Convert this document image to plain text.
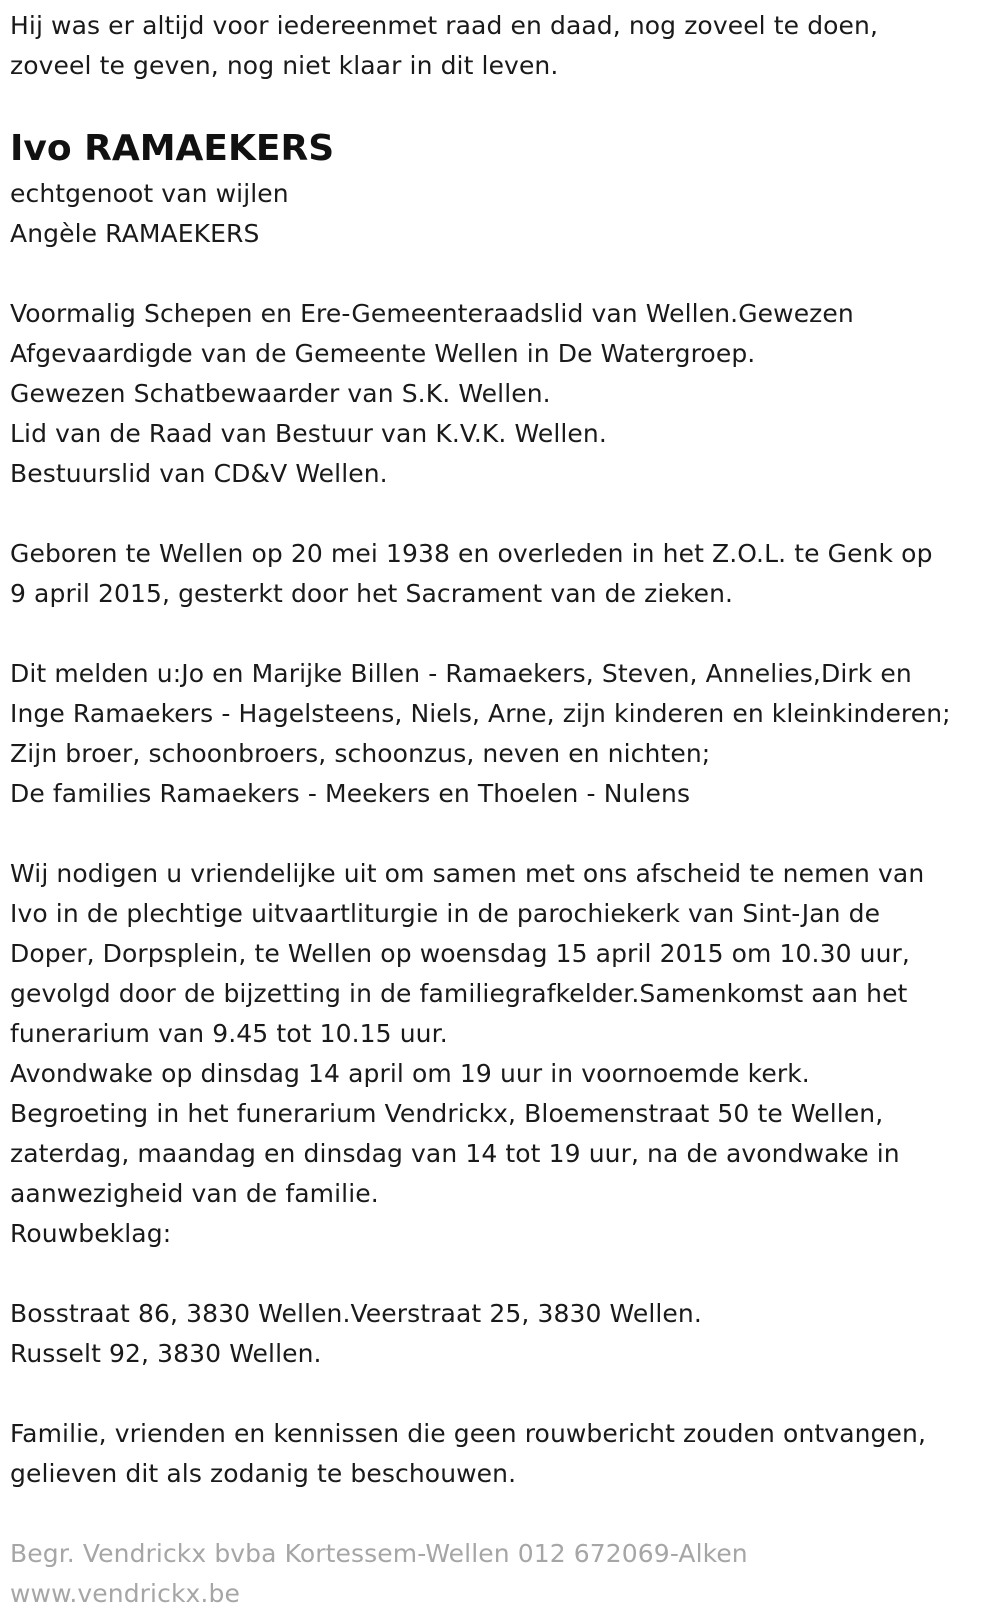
Hij was er altijd voor iedereenmet raad en daad, nog zoveel te doen,
zoveel te geven, nog niet klaar in dit leven.
Ivo RAMAEKERS
echtgenoot van wijlen
Angèle RAMAEKERS
Voormalig Schepen en Ere-Gemeenteraadslid van Wellen.Gewezen
Afgevaardigde van de Gemeente Wellen in De Watergroep.
Gewezen Schatbewaarder van S.K. Wellen.
Lid van de Raad van Bestuur van K.V.K. Wellen.
Bestuurslid van CD&V Wellen.
Geboren te Wellen op 20 mei 1938 en overleden in het Z.O.L. te Genk op
9 april 2015, gesterkt door het Sacrament van de zieken.
Dit melden u:Jo en Marijke Billen - Ramaekers, Steven, Annelies,Dirk en
Inge Ramaekers - Hagelsteens, Niels, Arne, zijn kinderen en kleinkinderen;
Zijn broer, schoonbroers, schoonzus, neven en nichten;
De families Ramaekers - Meekers en Thoelen - Nulens
Wij nodigen u vriendelijke uit om samen met ons afscheid te nemen van
Ivo in de plechtige uitvaartliturgie in de parochiekerk van Sint-Jan de
Doper, Dorpsplein, te Wellen op woensdag 15 april 2015 om 10.30 uur,
gevolgd door de bijzetting in de familiegrafkelder.Samenkomst aan het
funerarium van 9.45 tot 10.15 uur.
Avondwake op dinsdag 14 april om 19 uur in voornoemde kerk.
Begroeting in het funerarium Vendrickx, Bloemenstraat 50 te Wellen,
zaterdag, maandag en dinsdag van 14 tot 19 uur, na de avondwake in
aanwezigheid van de familie.
Rouwbeklag:
Bosstraat 86, 3830 Wellen.Veerstraat 25, 3830 Wellen.
Russelt 92, 3830 Wellen.
Familie, vrienden en kennissen die geen rouwbericht zouden ontvangen,
gelieven dit als zodanig te beschouwen.
Begr. Vendrickx bvba Kortessem-Wellen 012 672069-Alken
www.vendrickx.be
